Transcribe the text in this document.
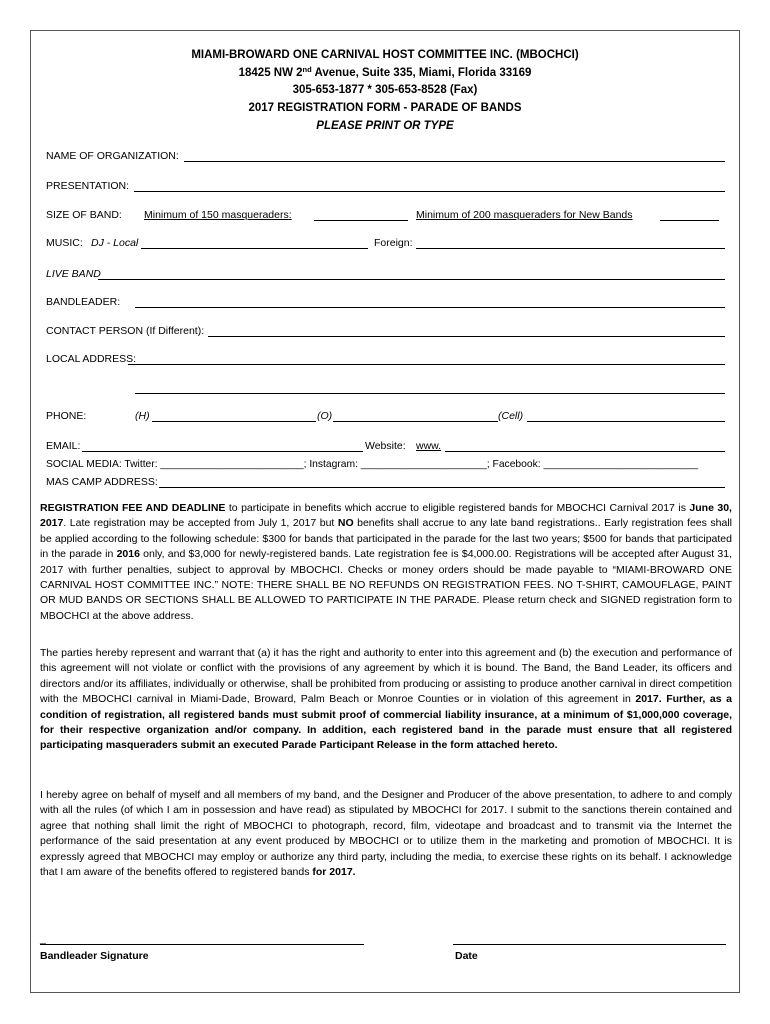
MIAMI-BROWARD ONE CARNIVAL HOST COMMITTEE INC. (MBOCHCI)
18425 NW 2nd Avenue, Suite 335, Miami, Florida 33169
305-653-1877 * 305-653-8528 (Fax)
2017 REGISTRATION FORM - PARADE OF BANDS
PLEASE PRINT OR TYPE
NAME OF ORGANIZATION:
PRESENTATION:
SIZE OF BAND: Minimum of 150 masqueraders:	Minimum of 200 masqueraders for New Bands
MUSIC: DJ - Local	Foreign:
LIVE BAND
BANDLEADER:
CONTACT PERSON (If Different):
LOCAL ADDRESS:
PHONE:	(H)	(O)	(Cell)
EMAIL:	Website: www.
SOCIAL MEDIA: Twitter: _________________________; Instagram: ______________________; Facebook: ___________________________
MAS CAMP ADDRESS:
REGISTRATION FEE AND DEADLINE to participate in benefits which accrue to eligible registered bands for MBOCHCI Carnival 2017 is June 30, 2017. Late registration may be accepted from July 1, 2017 but NO benefits shall accrue to any late band registrations.. Early registration fees shall be applied according to the following schedule: $300 for bands that participated in the parade for the last two years; $500 for bands that participated in the parade in 2016 only, and $3,000 for newly-registered bands. Late registration fee is $4,000.00. Registrations will be accepted after August 31, 2017 with further penalties, subject to approval by MBOCHCI. Checks or money orders should be made payable to “MIAMI-BROWARD ONE CARNIVAL HOST COMMITTEE INC.” NOTE: THERE SHALL BE NO REFUNDS ON REGISTRATION FEES. NO T-SHIRT, CAMOUFLAGE, PAINT OR MUD BANDS OR SECTIONS SHALL BE ALLOWED TO PARTICIPATE IN THE PARADE. Please return check and SIGNED registration form to MBOCHCI at the above address.
The parties hereby represent and warrant that (a) it has the right and authority to enter into this agreement and (b) the execution and performance of this agreement will not violate or conflict with the provisions of any agreement by which it is bound. The Band, the Band Leader, its officers and directors and/or its affiliates, individually or otherwise, shall be prohibited from producing or assisting to produce another carnival in direct competition with the MBOCHCI carnival in Miami-Dade, Broward, Palm Beach or Monroe Counties or in violation of this agreement in 2017. Further, as a condition of registration, all registered bands must submit proof of commercial liability insurance, at a minimum of $1,000,000 coverage, for their respective organization and/or company. In addition, each registered band in the parade must ensure that all registered participating masqueraders submit an executed Parade Participant Release in the form attached hereto.
I hereby agree on behalf of myself and all members of my band, and the Designer and Producer of the above presentation, to adhere to and comply with all the rules (of which I am in possession and have read) as stipulated by MBOCHCI for 2017. I submit to the sanctions therein contained and agree that nothing shall limit the right of MBOCHCI to photograph, record, film, videotape and broadcast and to transmit via the Internet the performance of the said presentation at any event produced by MBOCHCI or to utilize them in the marketing and promotion of MBOCHCI. It is expressly agreed that MBOCHCI may employ or authorize any third party, including the media, to exercise these rights on its behalf. I acknowledge that I am aware of the benefits offered to registered bands for 2017.
_
Bandleader Signature	Date
